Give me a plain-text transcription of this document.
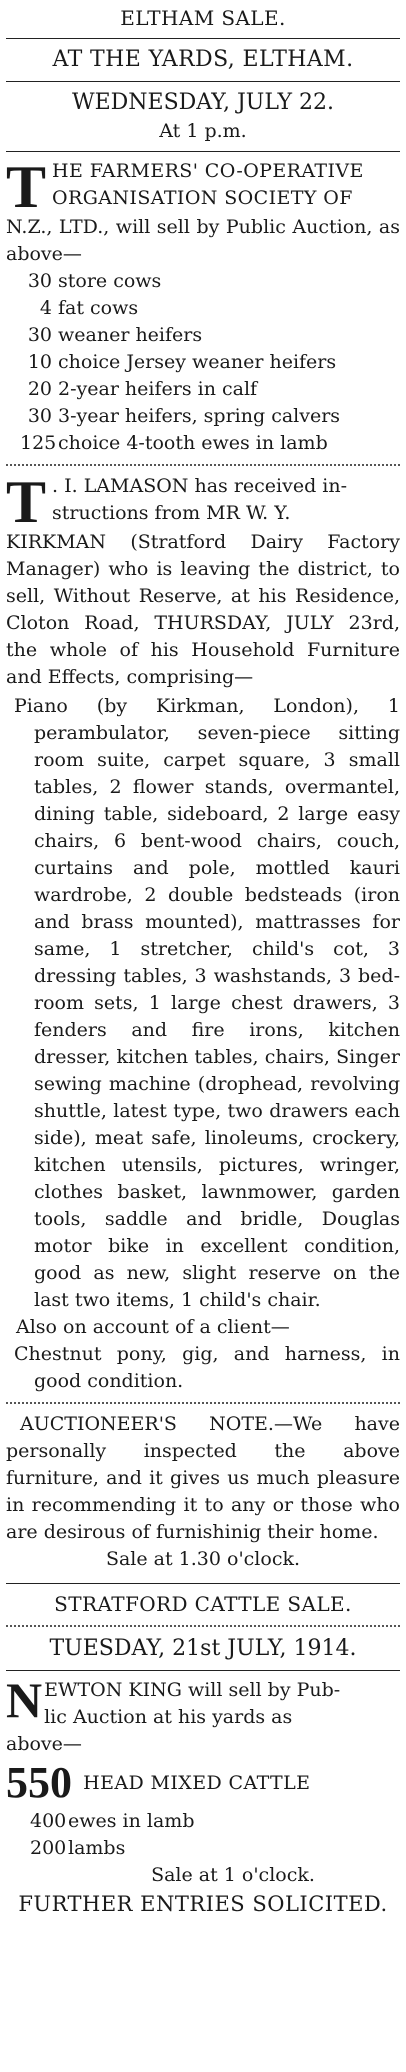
ELTHAM SALE.
AT THE YARDS, ELTHAM.
WEDNESDAY, JULY 22.
At 1 p.m.
T HE FARMERS' CO-OPERATIVE
ORGANISATION SOCIETY OF
N.Z., LTD., will sell by Public Auction, as above—
30 store cows
4 fat cows
30 weaner heifers
10 choice Jersey weaner heifers
20 2-year heifers in calf
30 3-year heifers, spring calvers
125choice 4-tooth ewes in lamb
T . I. LAMASON has received in-
structions from MR W. Y.
KIRKMAN (Stratford Dairy Factory Manager) who is leaving the district, to sell, Without Reserve, at his Residence, Cloton Road, THURSDAY, JULY 23rd, the whole of his Household Furniture and Effects, comprising—
Piano (by Kirkman, London), 1 perambulator, seven-piece sitting room suite, carpet square, 3 small tables, 2 flower stands, overmantel, dining table, sideboard, 2 large easy chairs, 6 bent-wood chairs, couch, curtains and pole, mottled kauri wardrobe, 2 double bedsteads (iron and brass mounted), mattrasses for same, 1 stretcher, child's cot, 3 dressing tables, 3 washstands, 3 bed-room sets, 1 large chest drawers, 3 fenders and fire irons, kitchen dresser, kitchen tables, chairs, Singer sewing machine (drophead, revolving shuttle, latest type, two drawers each side), meat safe, linoleums, crockery, kitchen utensils, pictures, wringer, clothes basket, lawnmower, garden tools, saddle and bridle, Douglas motor bike in excellent condition, good as new, slight reserve on the last two items, 1 child's chair.
Also on account of a client—
Chestnut pony, gig, and harness, in good condition.
AUCTIONEER'S NOTE.—We have personally inspected the above furniture, and it gives us much pleasure in recommending it to any or those who are desirous of furnishinig their home.
Sale at 1.30 o'clock.
STRATFORD CATTLE SALE.
TUESDAY, 21st JULY, 1914.
N EWTON KING will sell by Pub-
lic Auction at his yards as
above—
550 HEAD MIXED CATTLE
400ewes in lamb
200lambs
Sale at 1 o'clock.
FURTHER ENTRIES SOLICITED.
